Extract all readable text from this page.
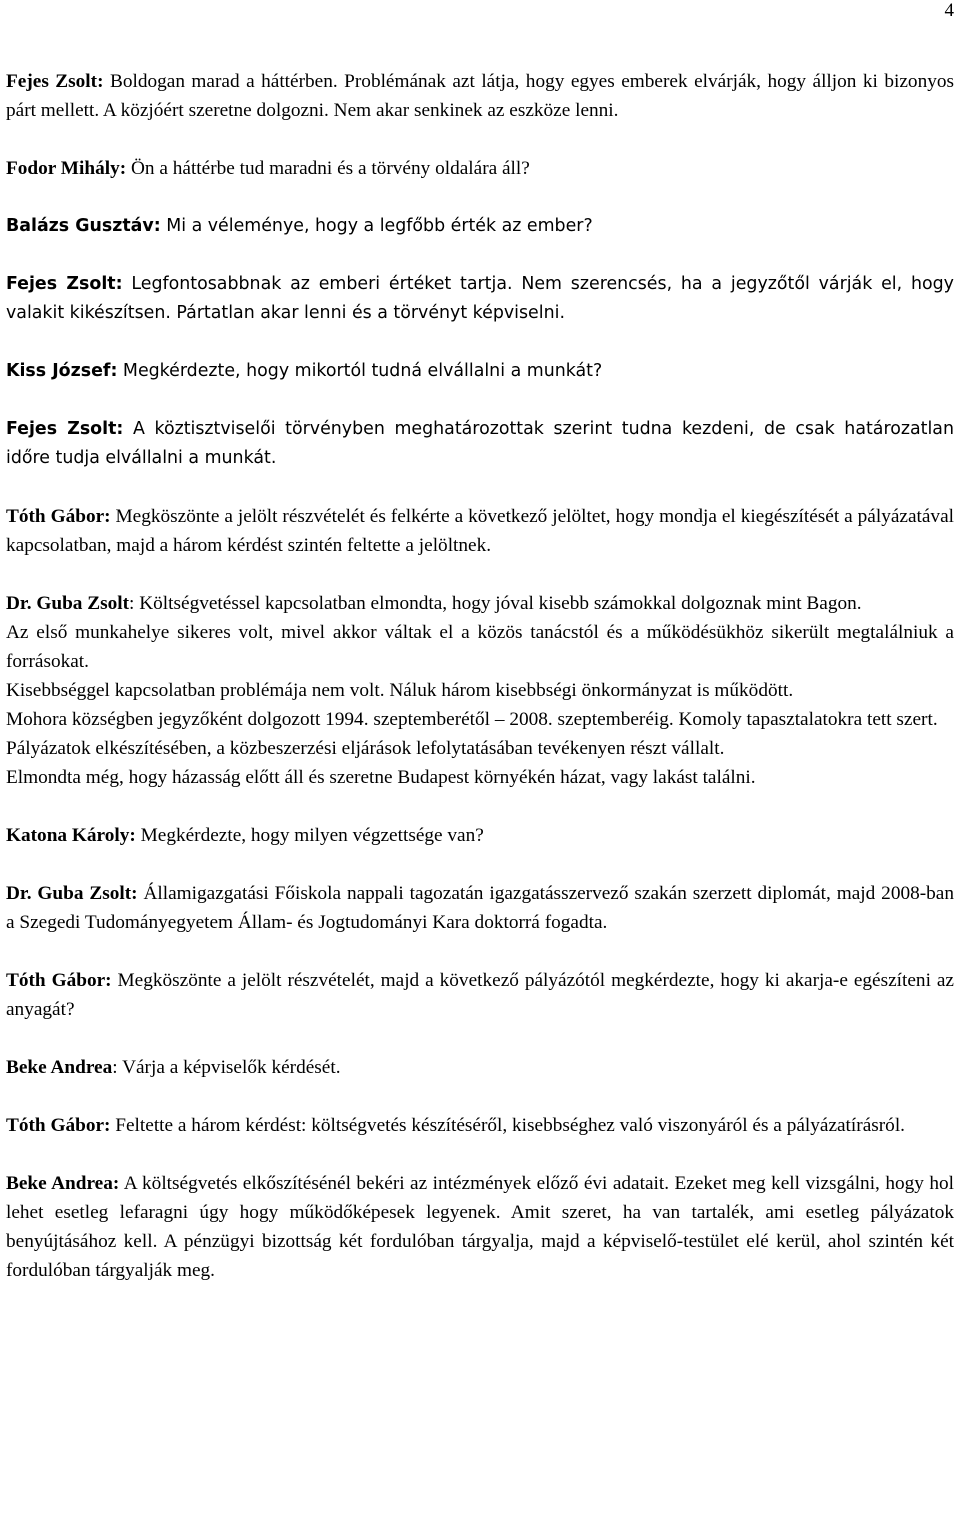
4

Fejes Zsolt: Boldogan marad a háttérben. Problémának azt látja, hogy egyes emberek elvárják, hogy álljon ki bizonyos párt mellett. A közjóért szeretne dolgozni. Nem akar senkinek az eszköze lenni.

Fodor Mihály: Ön a háttérbe tud maradni és a törvény oldalára áll?

Balázs Gusztáv: Mi a véleménye, hogy a legfőbb érték az ember?

Fejes Zsolt: Legfontosabbnak az emberi értéket tartja. Nem szerencsés, ha a jegyzőtől várják el, hogy valakit kikészítsen. Pártatlan akar lenni és a törvényt képviselni.

Kiss József: Megkérdezte, hogy mikortól tudná elvállalni a munkát?

Fejes Zsolt: A köztisztviselői törvényben meghatározottak szerint tudna kezdeni, de csak határozatlan időre tudja elvállalni a munkát.

Tóth Gábor: Megköszönte a jelölt részvételét és felkérte a következő jelöltet, hogy mondja el kiegészítését a pályázatával kapcsolatban, majd a három kérdést szintén feltette a jelöltnek.

Dr. Guba Zsolt: Költségvetéssel kapcsolatban elmondta, hogy jóval kisebb számokkal dolgoznak mint Bagon.

Az első munkahelye sikeres volt, mivel akkor váltak el a közös tanácstól és a működésükhöz sikerült megtalálniuk a forrásokat.

Kisebbséggel kapcsolatban problémája nem volt. Náluk három kisebbségi önkormányzat is működött.

Mohora községben jegyzőként dolgozott 1994. szeptemberétől – 2008. szeptemberéig. Komoly tapasztalatokra tett szert.

Pályázatok elkészítésében, a közbeszerzési eljárások lefolytatásában tevékenyen részt vállalt.

Elmondta még, hogy házasság előtt áll és szeretne Budapest környékén házat, vagy lakást találni.

Katona Károly: Megkérdezte, hogy milyen végzettsége van?

Dr. Guba Zsolt: Államigazgatási Főiskola nappali tagozatán igazgatásszervező szakán szerzett diplomát, majd 2008-ban a Szegedi Tudományegyetem Állam- és Jogtudományi Kara doktorrá fogadta.

Tóth Gábor: Megköszönte a jelölt részvételét, majd a következő pályázótól megkérdezte, hogy ki akarja-e egészíteni az anyagát?

Beke Andrea: Várja a képviselők kérdését.

Tóth Gábor: Feltette a három kérdést: költségvetés készítéséről, kisebbséghez való viszonyáról és a pályázatírásról.

Beke Andrea: A költségvetés elkőszítésénél bekéri az intézmények előző évi adatait. Ezeket meg kell vizsgálni, hogy hol lehet esetleg lefaragni úgy hogy működőképesek legyenek. Amit szeret, ha van tartalék, ami esetleg pályázatok benyújtásához kell. A pénzügyi bizottság két fordulóban tárgyalja, majd a képviselő-testület elé kerül, ahol szintén két fordulóban tárgyalják meg.
